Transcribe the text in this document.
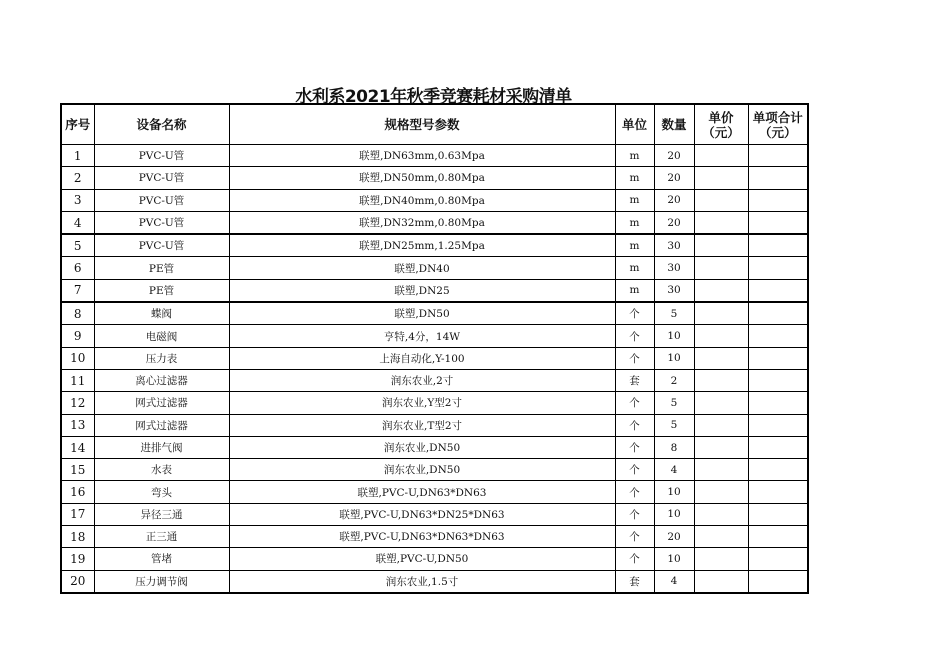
水利系2021年秋季竞赛耗材采购清单
序号	设备名称	规格型号参数	单位	数量	单价（元）	单项合计（元）
1	PVC-U管	联塑,DN63mm,0.63Mpa	m	20		
2	PVC-U管	联塑,DN50mm,0.80Mpa	m	20		
3	PVC-U管	联塑,DN40mm,0.80Mpa	m	20		
4	PVC-U管	联塑,DN32mm,0.80Mpa	m	20		
5	PVC-U管	联塑,DN25mm,1.25Mpa	m	30		
6	PE管	联塑,DN40	m	30		
7	PE管	联塑,DN25	m	30		
8	蝶阀	联塑,DN50	个	5		
9	电磁阀	亨特,4分，14W	个	10		
10	压力表	上海自动化,Y-100	个	10		
11	离心过滤器	润东农业,2寸	套	2		
12	网式过滤器	润东农业,Y型2寸	个	5		
13	网式过滤器	润东农业,T型2寸	个	5		
14	进排气阀	润东农业,DN50	个	8		
15	水表	润东农业,DN50	个	4		
16	弯头	联塑,PVC-U,DN63*DN63	个	10		
17	异径三通	联塑,PVC-U,DN63*DN25*DN63	个	10		
18	正三通	联塑,PVC-U,DN63*DN63*DN63	个	20		
19	管堵	联塑,PVC-U,DN50	个	10		
20	压力调节阀	润东农业,1.5寸	套	4		
